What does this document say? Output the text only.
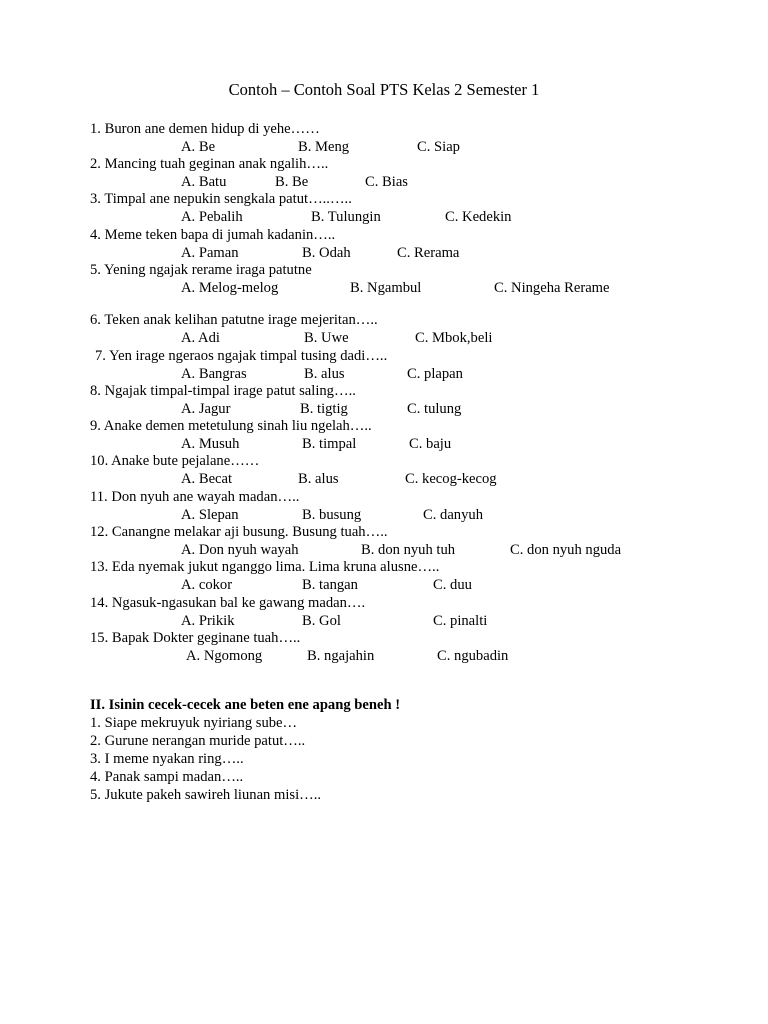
Contoh – Contoh Soal PTS Kelas 2 Semester 1
1. Buron ane demen hidup di yehe……
A. Be	B. Meng	C. Siap
2. Mancing tuah geginan anak ngalih…..
A. Batu	B. Be	C. Bias
3. Timpal ane nepukin sengkala patut…..…..
A. Pebalih	B. Tulungin	C. Kedekin
4. Meme teken bapa di jumah kadanin…..
A. Paman	B. Odah	C. Rerama
5. Yening ngajak rerame iraga patutne
A. Melog-melog	B. Ngambul	C. Ningeha Rerame
6. Teken anak kelihan patutne irage mejeritan…..
A. Adi	B. Uwe	C. Mbok,beli
7. Yen irage ngeraos ngajak timpal tusing dadi…..
A. Bangras	B. alus	C. plapan
8. Ngajak timpal-timpal irage patut saling…..
A. Jagur	B. tigtig	C. tulung
9. Anake demen metetulung sinah liu ngelah…..
A. Musuh	B. timpal	C. baju
10. Anake bute pejalane……
A. Becat	B. alus	C. kecog-kecog
11. Don nyuh ane wayah madan…..
A. Slepan	B. busung	C. danyuh
12. Canangne melakar aji busung. Busung tuah…..
A. Don nyuh wayah	B. don nyuh tuh	C. don nyuh nguda
13. Eda nyemak jukut nganggo lima. Lima kruna alusne…..
A. cokor	B. tangan	C. duu
14. Ngasuk-ngasukan bal ke gawang madan….
A. Prikik	B. Gol	C. pinalti
15. Bapak Dokter geginane tuah…..
A. Ngomong	B. ngajahin	C. ngubadin
II. Isinin cecek-cecek ane beten ene apang beneh !
1. Siape mekruyuk nyiriang sube…
2. Gurune nerangan muride patut…..
3. I meme nyakan ring…..
4. Panak sampi madan…..
5. Jukute pakeh sawireh liunan misi…..
